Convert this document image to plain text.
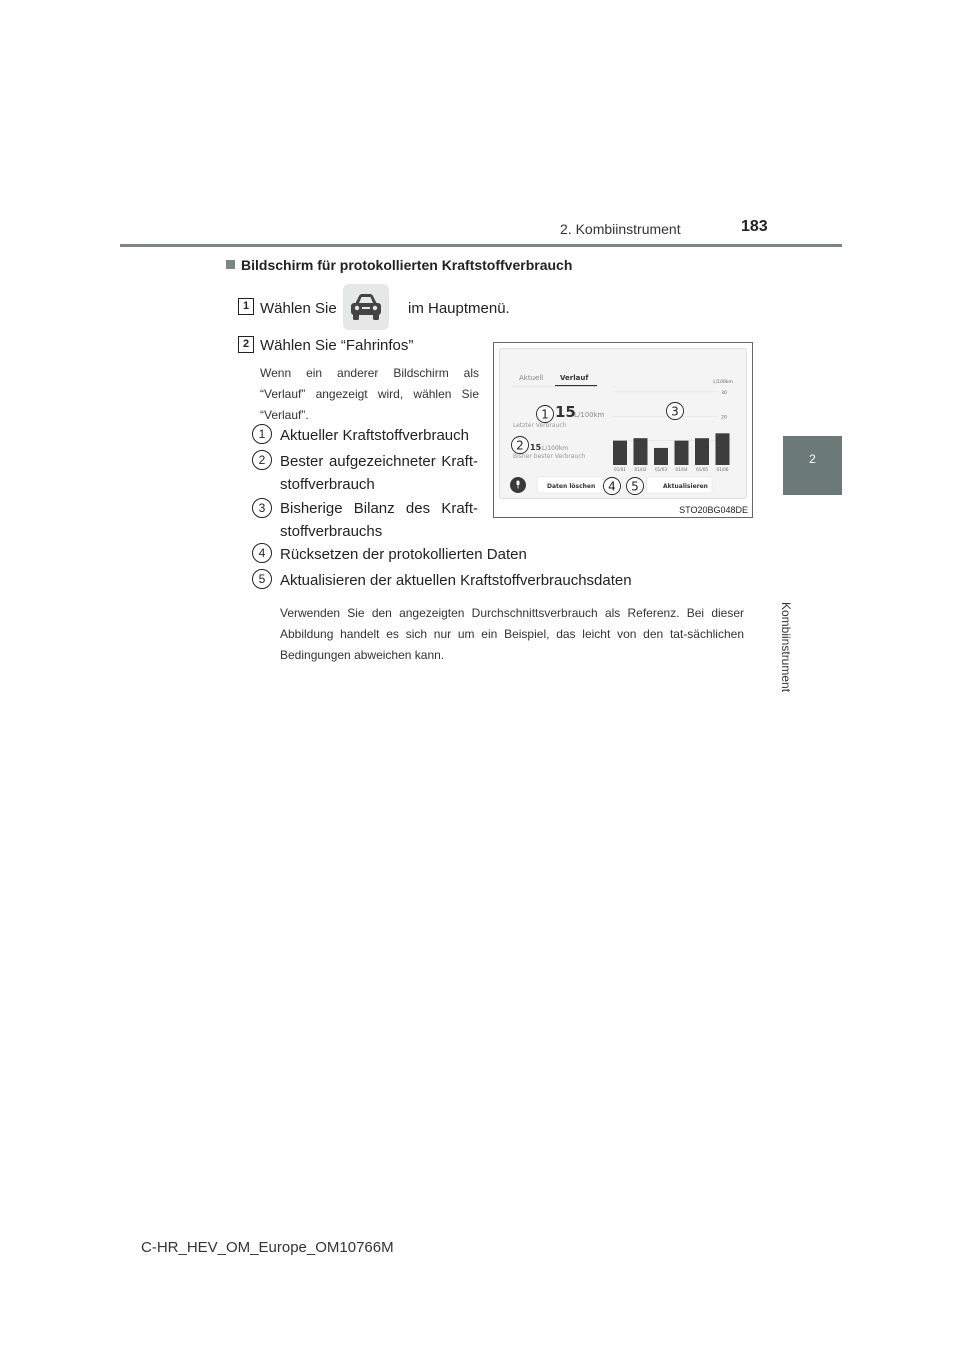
2. Kombiinstrument	183
2
Kombiinstrument
Bildschirm für protokollierten Kraftstoffverbrauch
1 Wählen Sie	im Hauptmenü.
2 Wählen Sie “Fahrinfos”
Wenn ein anderer Bildschirm als “Verlauf” angezeigt wird, wählen Sie “Verlauf”.
1 Aktueller Kraftstoffverbrauch
2 Bester aufgezeichneter Kraft-stoffverbrauch
3 Bisherige Bilanz des Kraft-stoffverbrauchs
4 Rücksetzen der protokollierten Daten
5 Aktualisieren der aktuellen Kraftstoffverbrauchsdaten
Verwenden Sie den angezeigten Durchschnittsverbrauch als Referenz. Bei dieser Abbildung handelt es sich nur um ein Beispiel, das leicht von den tat-sächlichen Bedingungen abweichen kann.
Aktuell Verlauf
15
L/100km
Letzter Verbrauch
15 L/100km
Bisher bester Verbrauch
L/100km
20
30
01/01 01/02 01/03 01/04 01/05 01/06
Daten löschen	Aktualisieren
1
2
3
4 5
STO20BG048DE
C-HR_HEV_OM_Europe_OM10766M
